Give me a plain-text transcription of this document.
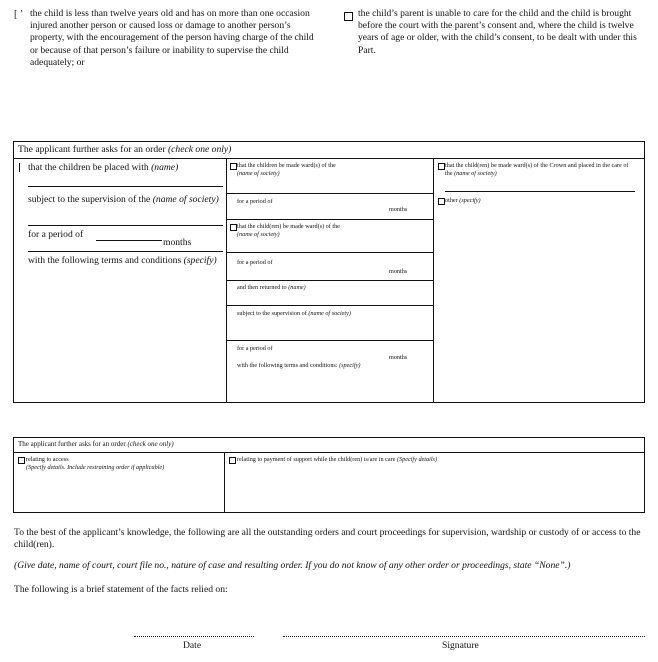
[ ’ the child is less than twelve years old and has on more than one occasion injured another person or caused loss or damage to another person’s property, with the encouragement of the person having charge of the child or because of that person’s failure or inability to supervise the child adequately; or
the child’s parent is unable to care for the child and the child is brought before the court with the parent’s consent and, where the child is twelve years of age or older, with the child’s consent, to be dealt with under this Part.
The applicant further asks for an order (check one only)
that the children be placed with (name)
subject to the supervision of the (name of society)
for a period of
months
with the following terms and conditions (specify)
that the children be made ward(s) of the
(name of society)
for a period of
months
that the child(ren) be made ward(s) of the
(name of society)
for a period of
months
and then returned to (name)
subject to the supervision of (name of society)
for a period of
months
with the following terms and conditions: (specify)
that the child(ren) be made ward(s) of the Crown and placed in the care of the (name of society)
other (specify)
The applicant further asks for an order (check one only)
relating to access
(Specify details. Include restraining order if applicable)
relating to payment of support while the child(ren) is/are in care (Specify details)
To the best of the applicant’s knowledge, the following are all the outstanding orders and court proceedings for supervision, wardship or custody of or access to the child(ren).
(Give date, name of court, court file no., nature of case and resulting order. If you do not know of any other order or proceedings, state “None”.)
The following is a brief statement of the facts relied on:
Date	Signature
